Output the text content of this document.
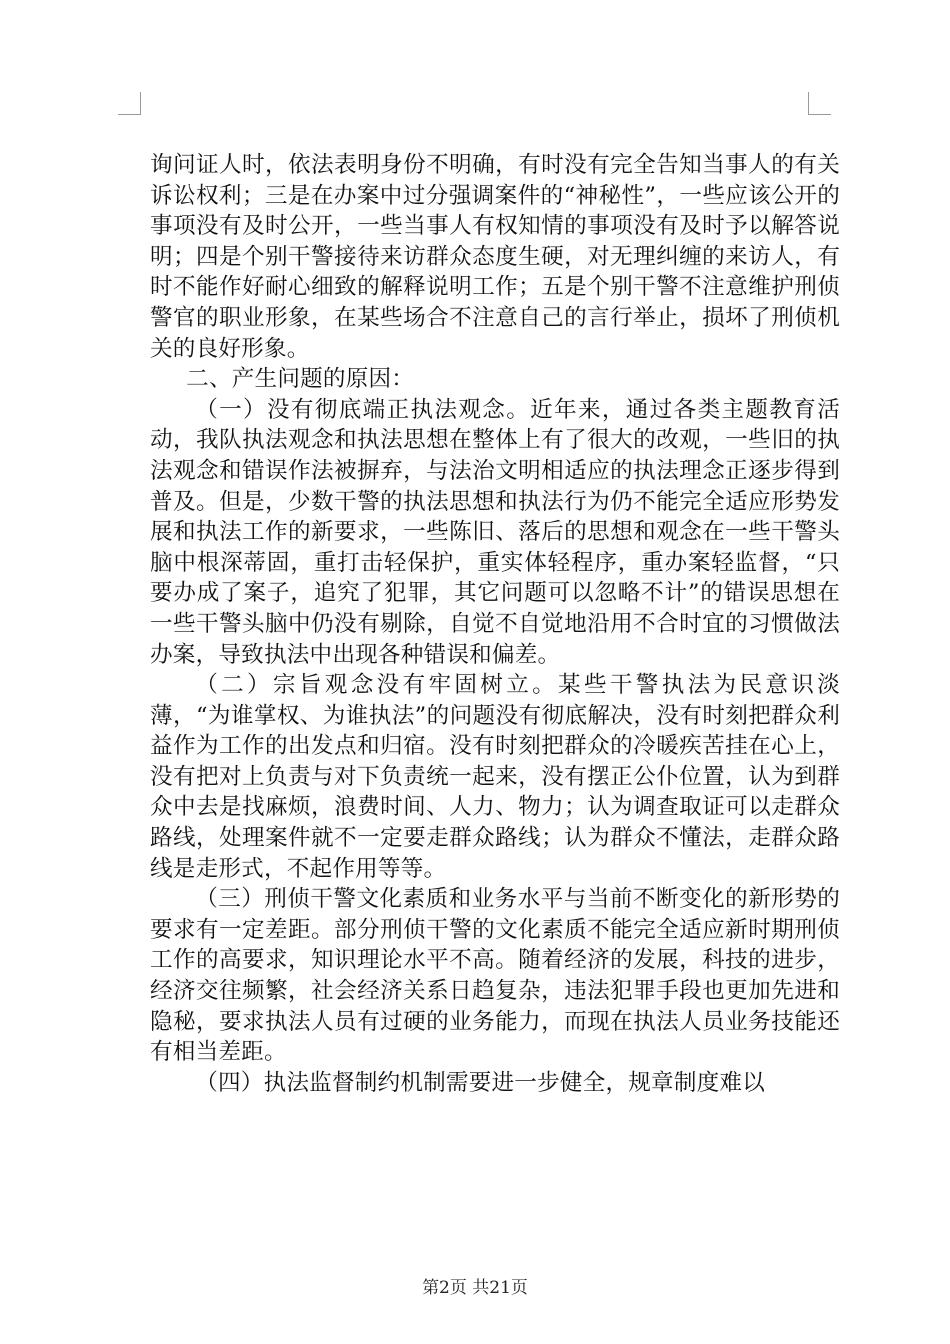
询问证人时，依法表明身份不明确，有时没有完全告知当事人的有关诉讼权利；三是在办案中过分强调案件的“神秘性”，一些应该公开的事项没有及时公开，一些当事人有权知情的事项没有及时予以解答说明；四是个别干警接待来访群众态度生硬，对无理纠缠的来访人，有时不能作好耐心细致的解释说明工作；五是个别干警不注意维护刑侦警官的职业形象，在某些场合不注意自己的言行举止，损坏了刑侦机关的良好形象。

二、产生问题的原因：

（一）没有彻底端正执法观念。近年来，通过各类主题教育活动，我队执法观念和执法思想在整体上有了很大的改观，一些旧的执法观念和错误作法被摒弃，与法治文明相适应的执法理念正逐步得到普及。但是，少数干警的执法思想和执法行为仍不能完全适应形势发展和执法工作的新要求，一些陈旧、落后的思想和观念在一些干警头脑中根深蒂固，重打击轻保护，重实体轻程序，重办案轻监督，“只要办成了案子，追究了犯罪，其它问题可以忽略不计”的错误思想在一些干警头脑中仍没有剔除，自觉不自觉地沿用不合时宜的习惯做法办案，导致执法中出现各种错误和偏差。

（二）宗旨观念没有牢固树立。某些干警执法为民意识淡薄，“为谁掌权、为谁执法”的问题没有彻底解决，没有时刻把群众利益作为工作的出发点和归宿。没有时刻把群众的冷暖疾苦挂在心上，没有把对上负责与对下负责统一起来，没有摆正公仆位置，认为到群众中去是找麻烦，浪费时间、人力、物力；认为调查取证可以走群众路线，处理案件就不一定要走群众路线；认为群众不懂法，走群众路线是走形式，不起作用等等。

（三）刑侦干警文化素质和业务水平与当前不断变化的新形势的要求有一定差距。部分刑侦干警的文化素质不能完全适应新时期刑侦工作的高要求，知识理论水平不高。随着经济的发展，科技的进步，经济交往频繁，社会经济关系日趋复杂，违法犯罪手段也更加先进和隐秘，要求执法人员有过硬的业务能力，而现在执法人员业务技能还有相当差距。

（四）执法监督制约机制需要进一步健全，规章制度难以

第2页 共21页
